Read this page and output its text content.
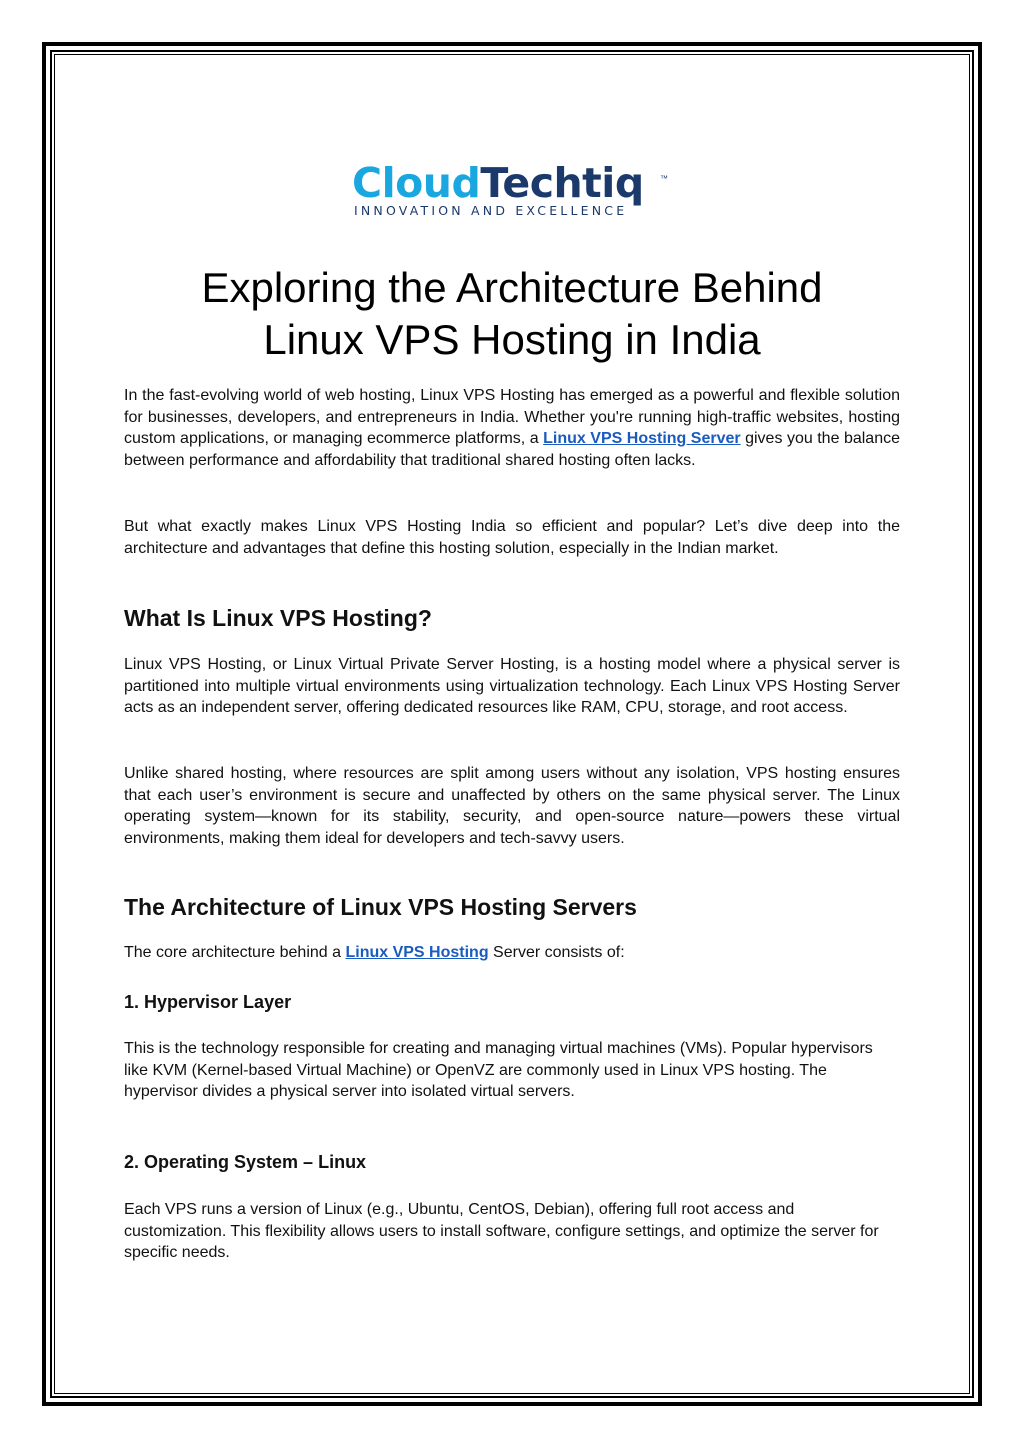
CloudTechtiq ™
INNOVATION AND EXCELLENCE
Exploring the Architecture Behind
Linux VPS Hosting in India

In the fast-evolving world of web hosting, Linux VPS Hosting has emerged as a powerful and flexible solution for businesses, developers, and entrepreneurs in India. Whether you're running high-traffic websites, hosting custom applications, or managing ecommerce platforms, a Linux VPS Hosting Server gives you the balance between performance and affordability that traditional shared hosting often lacks.

But what exactly makes Linux VPS Hosting India so efficient and popular? Let’s dive deep into the architecture and advantages that define this hosting solution, especially in the Indian market.

What Is Linux VPS Hosting?

Linux VPS Hosting, or Linux Virtual Private Server Hosting, is a hosting model where a physical server is partitioned into multiple virtual environments using virtualization technology. Each Linux VPS Hosting Server acts as an independent server, offering dedicated resources like RAM, CPU, storage, and root access.

Unlike shared hosting, where resources are split among users without any isolation, VPS hosting ensures that each user’s environment is secure and unaffected by others on the same physical server. The Linux operating system—known for its stability, security, and open-source nature—powers these virtual environments, making them ideal for developers and tech-savvy users.

The Architecture of Linux VPS Hosting Servers

The core architecture behind a Linux VPS Hosting Server consists of:

1. Hypervisor Layer

This is the technology responsible for creating and managing virtual machines (VMs). Popular hypervisors like KVM (Kernel-based Virtual Machine) or OpenVZ are commonly used in Linux VPS hosting. The hypervisor divides a physical server into isolated virtual servers.

2. Operating System – Linux

Each VPS runs a version of Linux (e.g., Ubuntu, CentOS, Debian), offering full root access and customization. This flexibility allows users to install software, configure settings, and optimize the server for specific needs.
